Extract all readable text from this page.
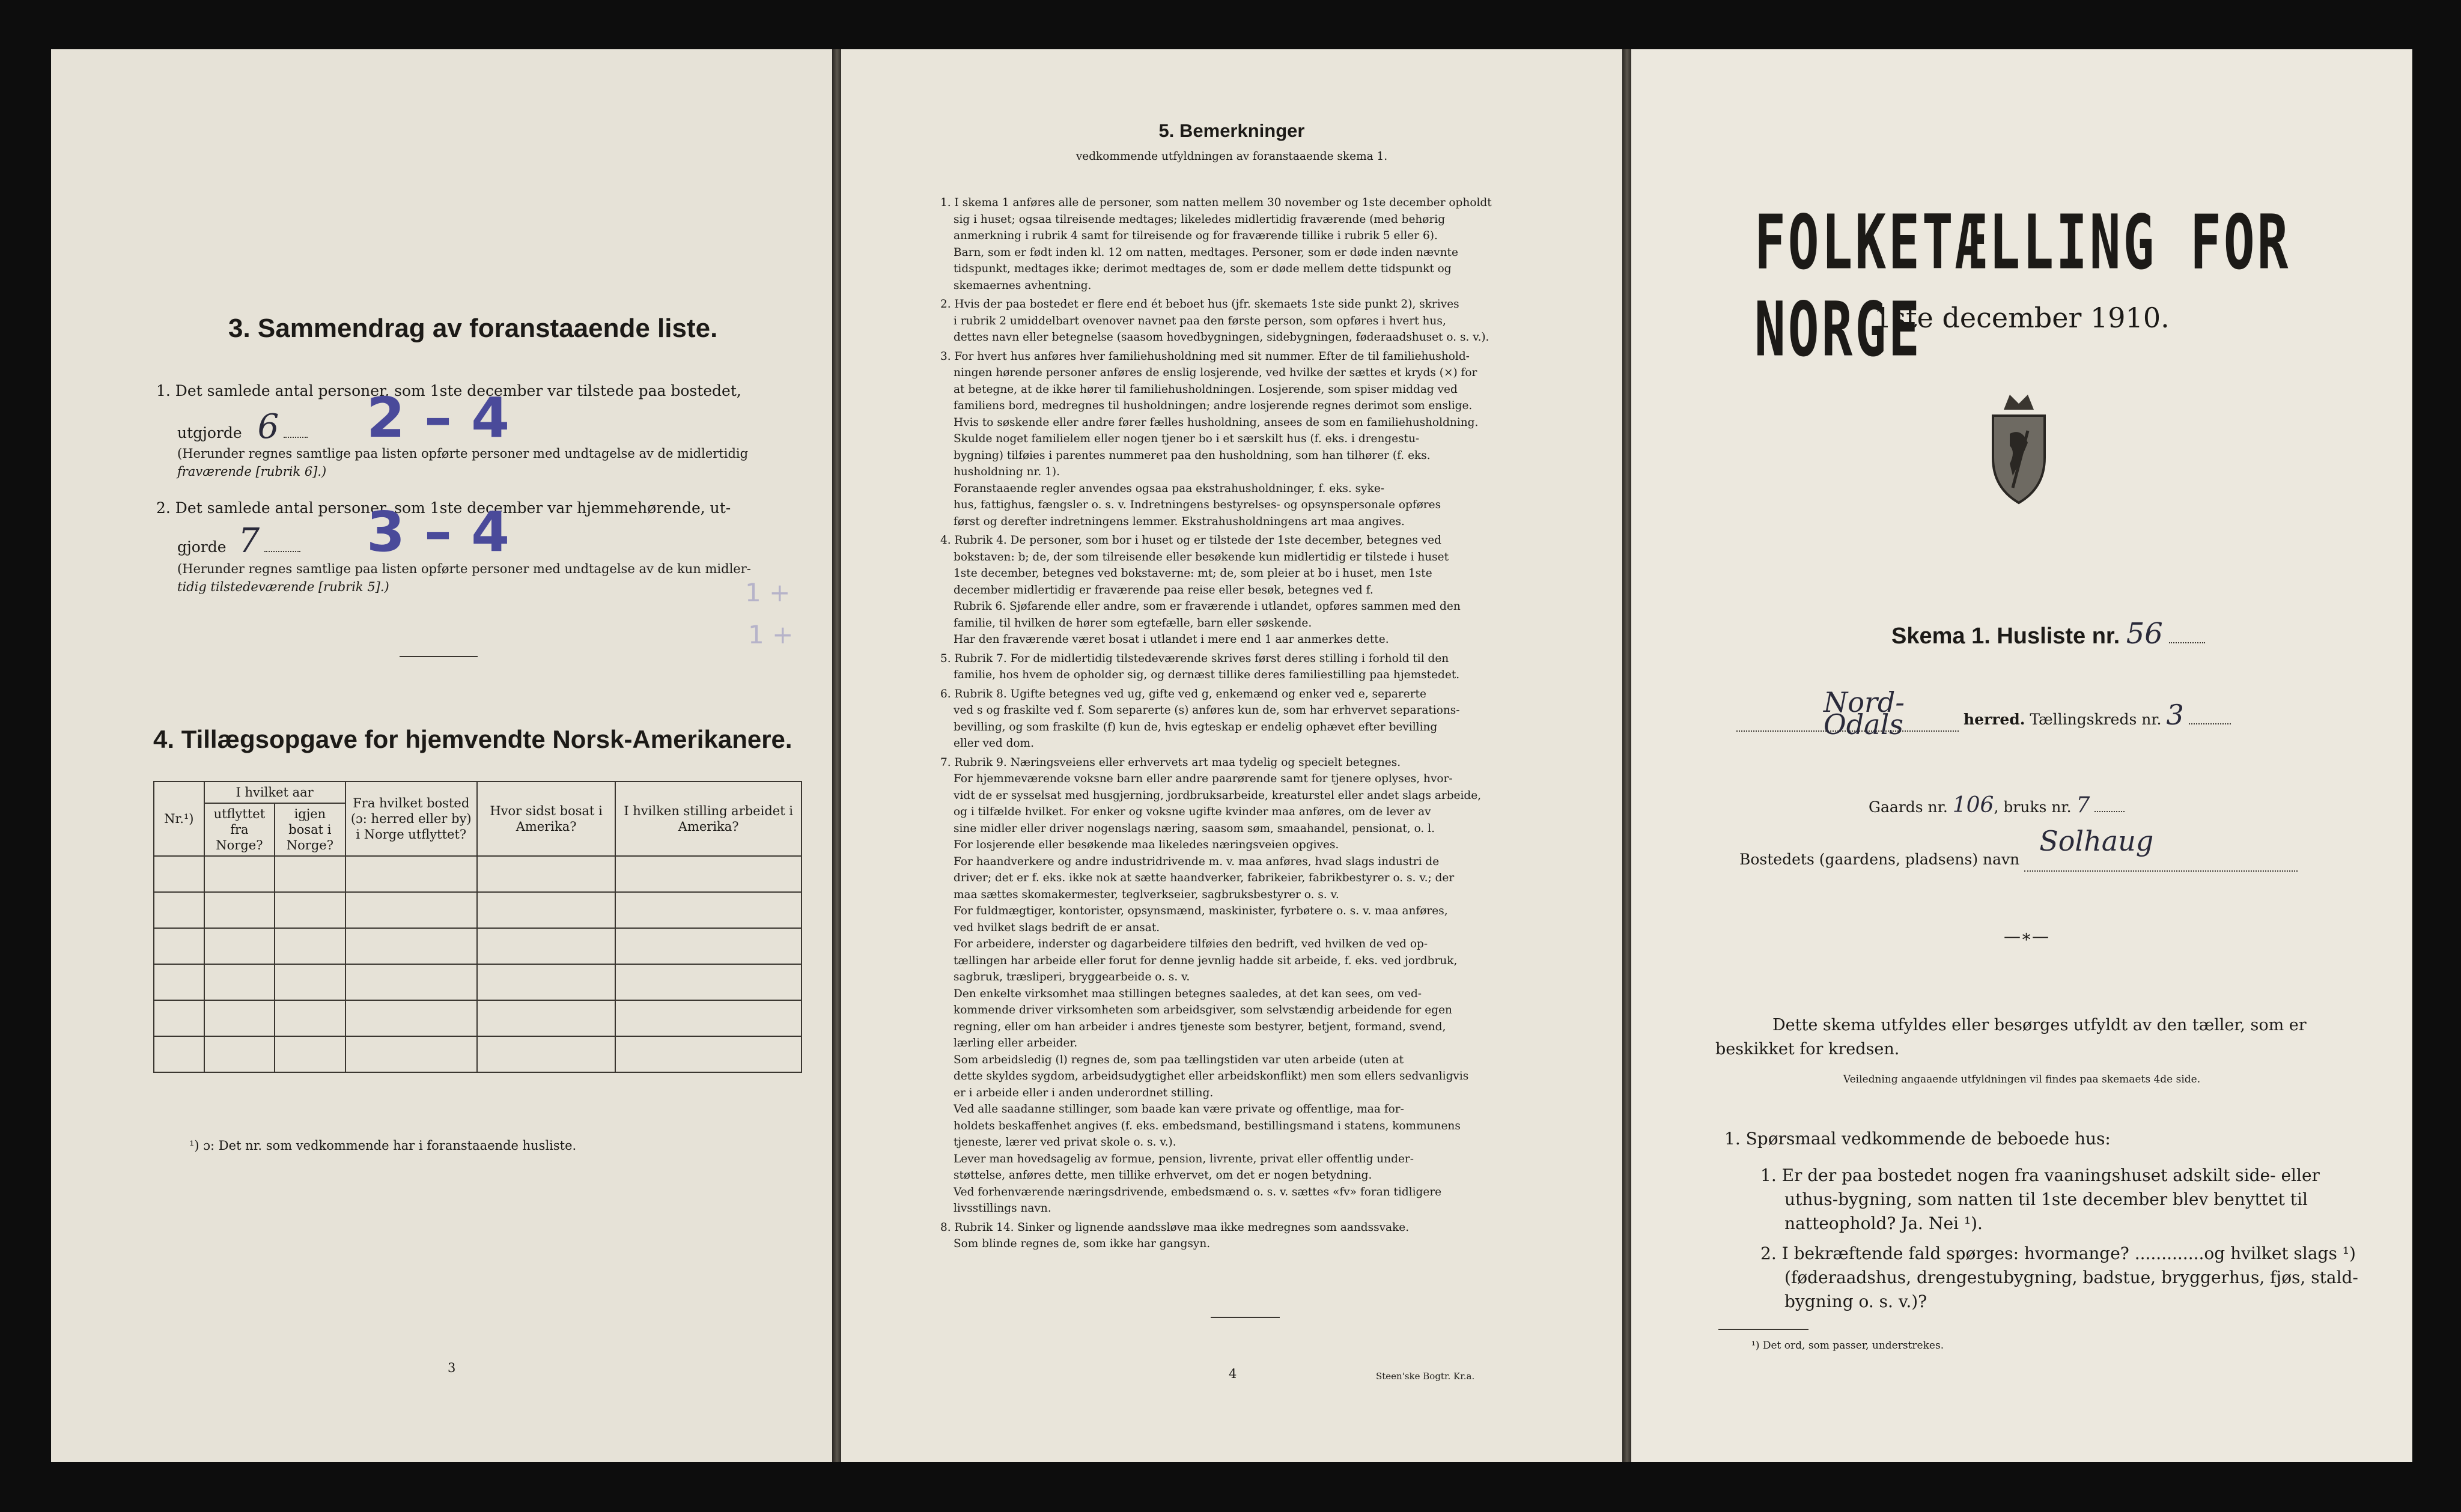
3. Sammendrag av foranstaaende liste.
1. Det samlede antal personer, som 1ste december var tilstede paa bostedet,
utgjorde 6	2 – 4
(Herunder regnes samtlige paa listen opførte personer med undtagelse av de midlertidig
fraværende [rubrik 6].)
2. Det samlede antal personer, som 1ste december var hjemmehørende, ut-
gjorde 7	3 – 4
(Herunder regnes samtlige paa listen opførte personer med undtagelse av de kun midler-
tidig tilstedeværende [rubrik 5].)	1 +
1 +
4. Tillægsopgave for hjemvendte Norsk-Amerikanere.
Nr.¹)	I hvilket aar		Fra hvilket bosted (ɔ: herred eller by) i Norge utflyttet?	Hvor sidst bosat i Amerika?	I hvilken stilling arbeidet i Amerika?
	utflyttet fra Norge?	igjen bosat i Norge?			

¹) ɔ: Det nr. som vedkommende har i foranstaaende husliste.
3
5. Bemerkninger
vedkommende utfyldningen av foranstaaende skema 1.
1. I skema 1 anføres alle de personer, som natten mellem 30 november og 1ste december opholdt
sig i huset; ogsaa tilreisende medtages; likeledes midlertidig fraværende (med behørig
anmerkning i rubrik 4 samt for tilreisende og for fraværende tillike i rubrik 5 eller 6).
Barn, som er født inden kl. 12 om natten, medtages. Personer, som er døde inden nævnte
tidspunkt, medtages ikke; derimot medtages de, som er døde mellem dette tidspunkt og
skemaernes avhentning.
2. Hvis der paa bostedet er flere end ét beboet hus (jfr. skemaets 1ste side punkt 2), skrives
i rubrik 2 umiddelbart ovenover navnet paa den første person, som opføres i hvert hus,
dettes navn eller betegnelse (saasom hovedbygningen, sidebygningen, føderaadshuset o. s. v.).
3. For hvert hus anføres hver familiehusholdning med sit nummer. Efter de til familiehushold-
ningen hørende personer anføres de enslig losjerende, ved hvilke der sættes et kryds (×) for
at betegne, at de ikke hører til familiehusholdningen. Losjerende, som spiser middag ved
familiens bord, medregnes til husholdningen; andre losjerende regnes derimot som enslige.
Hvis to søskende eller andre fører fælles husholdning, ansees de som en familiehusholdning.
Skulde noget familielem eller nogen tjener bo i et særskilt hus (f. eks. i drengestu-
bygning) tilføies i parentes nummeret paa den husholdning, som han tilhører (f. eks.
husholdning nr. 1).
Foranstaaende regler anvendes ogsaa paa ekstrahusholdninger, f. eks. syke-
hus, fattighus, fængsler o. s. v. Indretningens bestyrelses- og opsynspersonale opføres
først og derefter indretningens lemmer. Ekstrahusholdningens art maa angives.
4. Rubrik 4. De personer, som bor i huset og er tilstede der 1ste december, betegnes ved
bokstaven: b; de, der som tilreisende eller besøkende kun midlertidig er tilstede i huset
1ste december, betegnes ved bokstaverne: mt; de, som pleier at bo i huset, men 1ste
december midlertidig er fraværende paa reise eller besøk, betegnes ved f.
Rubrik 6. Sjøfarende eller andre, som er fraværende i utlandet, opføres sammen med den
familie, til hvilken de hører som egtefælle, barn eller søskende.
Har den fraværende været bosat i utlandet i mere end 1 aar anmerkes dette.
5. Rubrik 7. For de midlertidig tilstedeværende skrives først deres stilling i forhold til den
familie, hos hvem de opholder sig, og dernæst tillike deres familiestilling paa hjemstedet.
6. Rubrik 8. Ugifte betegnes ved ug, gifte ved g, enkemænd og enker ved e, separerte
ved s og fraskilte ved f. Som separerte (s) anføres kun de, som har erhvervet separations-
bevilling, og som fraskilte (f) kun de, hvis egteskap er endelig ophævet efter bevilling
eller ved dom.
7. Rubrik 9. Næringsveiens eller erhvervets art maa tydelig og specielt betegnes.
For hjemmeværende voksne barn eller andre paarørende samt for tjenere oplyses, hvor-
vidt de er sysselsat med husgjerning, jordbruksarbeide, kreaturstel eller andet slags arbeide,
og i tilfælde hvilket. For enker og voksne ugifte kvinder maa anføres, om de lever av
sine midler eller driver nogenslags næring, saasom søm, smaahandel, pensionat, o. l.
For losjerende eller besøkende maa likeledes næringsveien opgives.
For haandverkere og andre industridrivende m. v. maa anføres, hvad slags industri de
driver; det er f. eks. ikke nok at sætte haandverker, fabrikeier, fabrikbestyrer o. s. v.; der
maa sættes skomakermester, teglverkseier, sagbruksbestyrer o. s. v.
For fuldmægtiger, kontorister, opsynsmænd, maskinister, fyrbøtere o. s. v. maa anføres,
ved hvilket slags bedrift de er ansat.
For arbeidere, inderster og dagarbeidere tilføies den bedrift, ved hvilken de ved op-
tællingen har arbeide eller forut for denne jevnlig hadde sit arbeide, f. eks. ved jordbruk,
sagbruk, træsliperi, bryggearbeide o. s. v.
Den enkelte virksomhet maa stillingen betegnes saaledes, at det kan sees, om ved-
kommende driver virksomheten som arbeidsgiver, som selvstændig arbeidende for egen
regning, eller om han arbeider i andres tjeneste som bestyrer, betjent, formand, svend,
lærling eller arbeider.
Som arbeidsledig (l) regnes de, som paa tællingstiden var uten arbeide (uten at
dette skyldes sygdom, arbeidsudygtighet eller arbeidskonflikt) men som ellers sedvanligvis
er i arbeide eller i anden underordnet stilling.
Ved alle saadanne stillinger, som baade kan være private og offentlige, maa for-
holdets beskaffenhet angives (f. eks. embedsmand, bestillingsmand i statens, kommunens
tjeneste, lærer ved privat skole o. s. v.).
Lever man hovedsagelig av formue, pension, livrente, privat eller offentlig under-
støttelse, anføres dette, men tillike erhvervet, om det er nogen betydning.
Ved forhenværende næringsdrivende, embedsmænd o. s. v. sættes «fv» foran tidligere
livsstillings navn.
8. Rubrik 14. Sinker og lignende aandssløve maa ikke medregnes som aandssvake.
Som blinde regnes de, som ikke har gangsyn.
4	Steen'ske Bogtr. Kr.a.
FOLKETÆLLING FOR NORGE
1ste december 1910.
Skema 1. Husliste nr. 56
Nord-Odals	herred. Tællingskreds nr. 3
Gaards nr. 106, bruks nr. 7
Bostedets (gaardens, pladsens) navn
Solhaug

—∗—
Dette skema utfyldes eller besørges utfyldt av den tæller, som er
beskikket for kredsen.
Veiledning angaaende utfyldningen vil findes paa skemaets 4de side.
1. Spørsmaal vedkommende de beboede hus:
1. Er der paa bostedet nogen fra vaaningshuset adskilt side- eller
uthus-bygning, som natten til 1ste december blev benyttet til
natteophold? Ja. Nei ¹).
2. I bekræftende fald spørges: hvormange? .............og hvilket slags ¹)
(føderaadshus, drengestubygning, badstue, bryggerhus, fjøs, stald-
bygning o. s. v.)?
¹) Det ord, som passer, understrekes.
